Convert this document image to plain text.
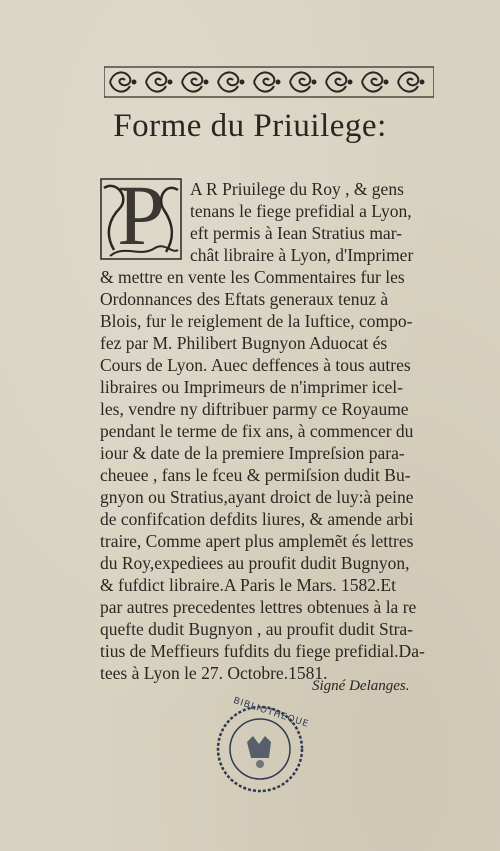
Forme du Priuilege:
P	A R Priuilege du Roy , & gens
tenans le fiege prefidial a Lyon,
eft permis à Iean Stratius mar-
chât libraire à Lyon, d'Imprimer
& mettre en vente les Commentaires fur les
Ordonnances des Eftats generaux tenuz à
Blois, fur le reiglement de la Iuftice, compo-
fez par M. Philibert Bugnyon Aduocat és
Cours de Lyon. Auec deffences à tous autres
libraires ou Imprimeurs de n'imprimer icel-
les, vendre ny diftribuer parmy ce Royaume
pendant le terme de fix ans, à commencer du
iour & date de la premiere Impreſsion para-
cheuee , fans le fceu & permiſsion dudit Bu-
gnyon ou Stratius,ayant droict de luy:à peine
de confifcation defdits liures, & amende arbi
traire, Comme apert plus amplemẽt és lettres
du Roy,expediees au proufit dudit Bugnyon,
& fufdict libraire.A Paris le Mars. 1582.Et
par autres precedentes lettres obtenues à la re
quefte dudit Bugnyon , au proufit dudit Stra-
tius de Meffieurs fufdits du fiege prefidial.Da-
tees à Lyon le 27. Octobre.1581.
Signé Delanges.
BIBLIOTHEQUE
